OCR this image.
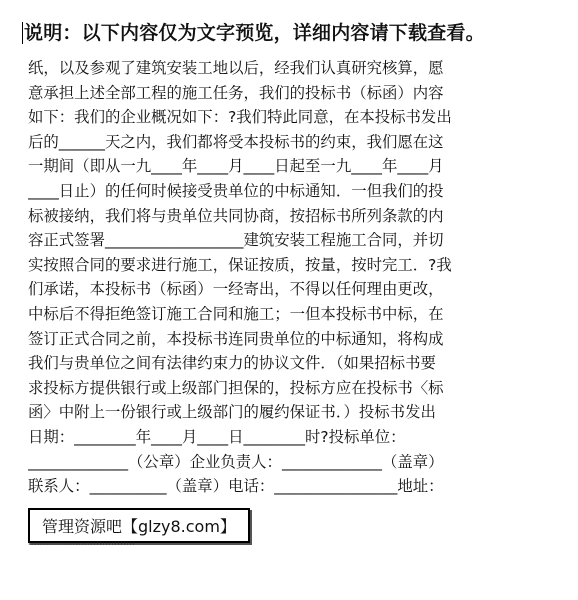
说明：以下内容仅为文字预览，详细内容请下载查看。
纸，以及参观了建筑安装工地以后，经我们认真研究核算，愿
意承担上述全部工程的施工任务，我们的投标书（标函）内容
如下：我们的企业概况如下：?我们特此同意，在本投标书发出
后的______天之内，我们都将受本投标书的约束，我们愿在这
一期间（即从一九____年____月____日起至一九____年____月
____日止）的任何时候接受贵单位的中标通知．一但我们的投
标被接纳，我们将与贵单位共同协商，按招标书所列条款的内
容正式签署__________________建筑安装工程施工合同，并切
实按照合同的要求进行施工，保证按质，按量，按时完工．?我
们承诺，本投标书（标函）一经寄出，不得以任何理由更改，
中标后不得拒绝签订施工合同和施工；一但本投标书中标，在
签订正式合同之前，本投标书连同贵单位的中标通知，将构成
我们与贵单位之间有法律约束力的协议文件．（如果招标书要
求投标方提供银行或上级部门担保的，投标方应在投标书〈标
函〉中附上一份银行或上级部门的履约保证书．）投标书发出
日期：________年____月____日________时?投标单位：
_____________（公章）企业负责人：_____________（盖章）
联系人：__________（盖章）电话：________________地址：
管理资源吧【glzy8.com】
''''''''''''''''''''''''''''''''''''
